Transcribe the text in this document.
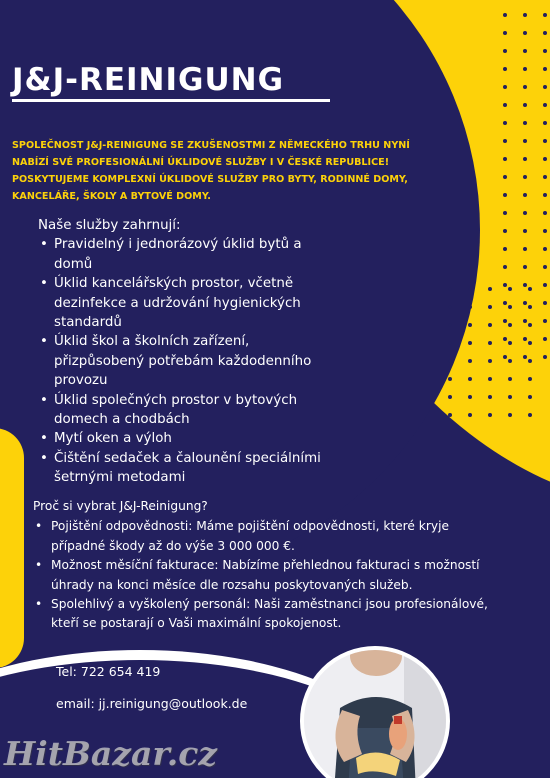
J&J-REINIGUNG

SPOLEČNOST J&J-REINIGUNG SE ZKUŠENOSTMI Z NĚMECKÉHO TRHU NYNÍ
NABÍZÍ SVÉ PROFESIONÁLNÍ ÚKLIDOVÉ SLUŽBY I V ČESKÉ REPUBLICE!
POSKYTUJEME KOMPLEXNÍ ÚKLIDOVÉ SLUŽBY PRO BYTY, RODINNÉ DOMY,
KANCELÁŘE, ŠKOLY A BYTOVÉ DOMY.

Naše služby zahrnují:

• Pravidelný i jednorázový úklid bytů a domů
• Úklid kancelářských prostor, včetně dezinfekce a udržování hygienických standardů
• Úklid škol a školních zařízení, přizpůsobený potřebám každodenního provozu
• Úklid společných prostor v bytových domech a chodbách
• Mytí oken a výloh
• Čištění sedaček a čalounění speciálními šetrnými metodami

Proč si vybrat J&J-Reinigung?

• Pojištění odpovědnosti: Máme pojištění odpovědnosti, které kryje případné škody až do výše 3 000 000 €.
• Možnost měsíční fakturace: Nabízíme přehlednou fakturaci s možností úhrady na konci měsíce dle rozsahu poskytovaných služeb.
• Spolehlivý a vyškolený personál: Naši zaměstnanci jsou profesionálové, kteří se postarají o Vaši maximální spokojenost.

Tel: 722 654 419

email: jj.reinigung@outlook.de

HitBazar.cz
